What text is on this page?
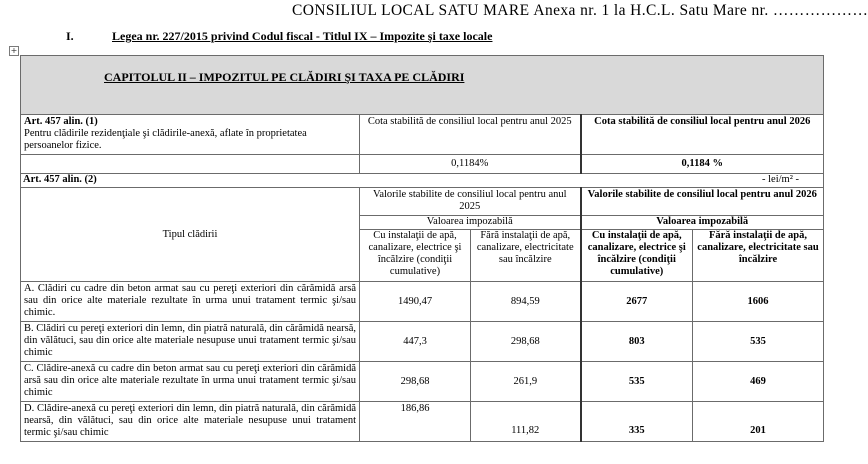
CONSILIUL LOCAL SATU MARE Anexa nr. 1 la H.C.L. Satu Mare nr. ………………
I.	Legea nr. 227/2015 privind Codul fiscal - Titlul IX – Impozite şi taxe locale
+
CAPITOLUL II – IMPOZITUL PE CLĂDIRI ŞI TAXA PE CLĂDIRI				

Art. 457 alin. (1)
Pentru clădirile rezidenţiale şi clădirile-anexă, aflate în proprietatea persoanelor fizice.	Cota stabilită de consiliul local pentru anul 2025		Cota stabilită de consiliul local pentru anul 2026	
	0,1184%		0,1184 %	
Art. 457 alin. (2) - lei/m² -				

Tipul clădirii	Valorile stabilite de consiliul local pentru anul 2025		Valorile stabilite de consiliul local pentru anul 2026	
	Valoarea impozabilă		Valoarea impozabilă	
	Cu instalaţii de apă, canalizare, electrice şi încălzire (condiţii cumulative)	Fără instalaţii de apă, canalizare, electricitate sau încălzire	Cu instalaţii de apă, canalizare, electrice şi încălzire (condiţii cumulative)	Fără instalaţii de apă, canalizare, electricitate sau încălzire
A. Clădiri cu cadre din beton armat sau cu pereţi exteriori din cărămidă arsă sau din orice alte materiale rezultate în urma unui tratament termic şi/sau chimic.	1490,47	894,59	2677	1606
B. Clădiri cu pereţi exteriori din lemn, din piatră naturală, din cărămidă nearsă, din vălătuci, sau din orice alte materiale nesupuse unui tratament termic şi/sau chimic	447,3	298,68	803	535
C. Clădire-anexă cu cadre din beton armat sau cu pereţi exteriori din cărămidă arsă sau din orice alte materiale rezultate în urma unui tratament termic şi/sau chimic	298,68	261,9	535	469
D. Clădire-anexă cu pereţi exteriori din lemn, din piatră naturală, din cărămidă nearsă, din vălătuci, sau din orice alte materiale nesupuse unui tratament termic şi/sau chimic	186,86	111,82	335	201
